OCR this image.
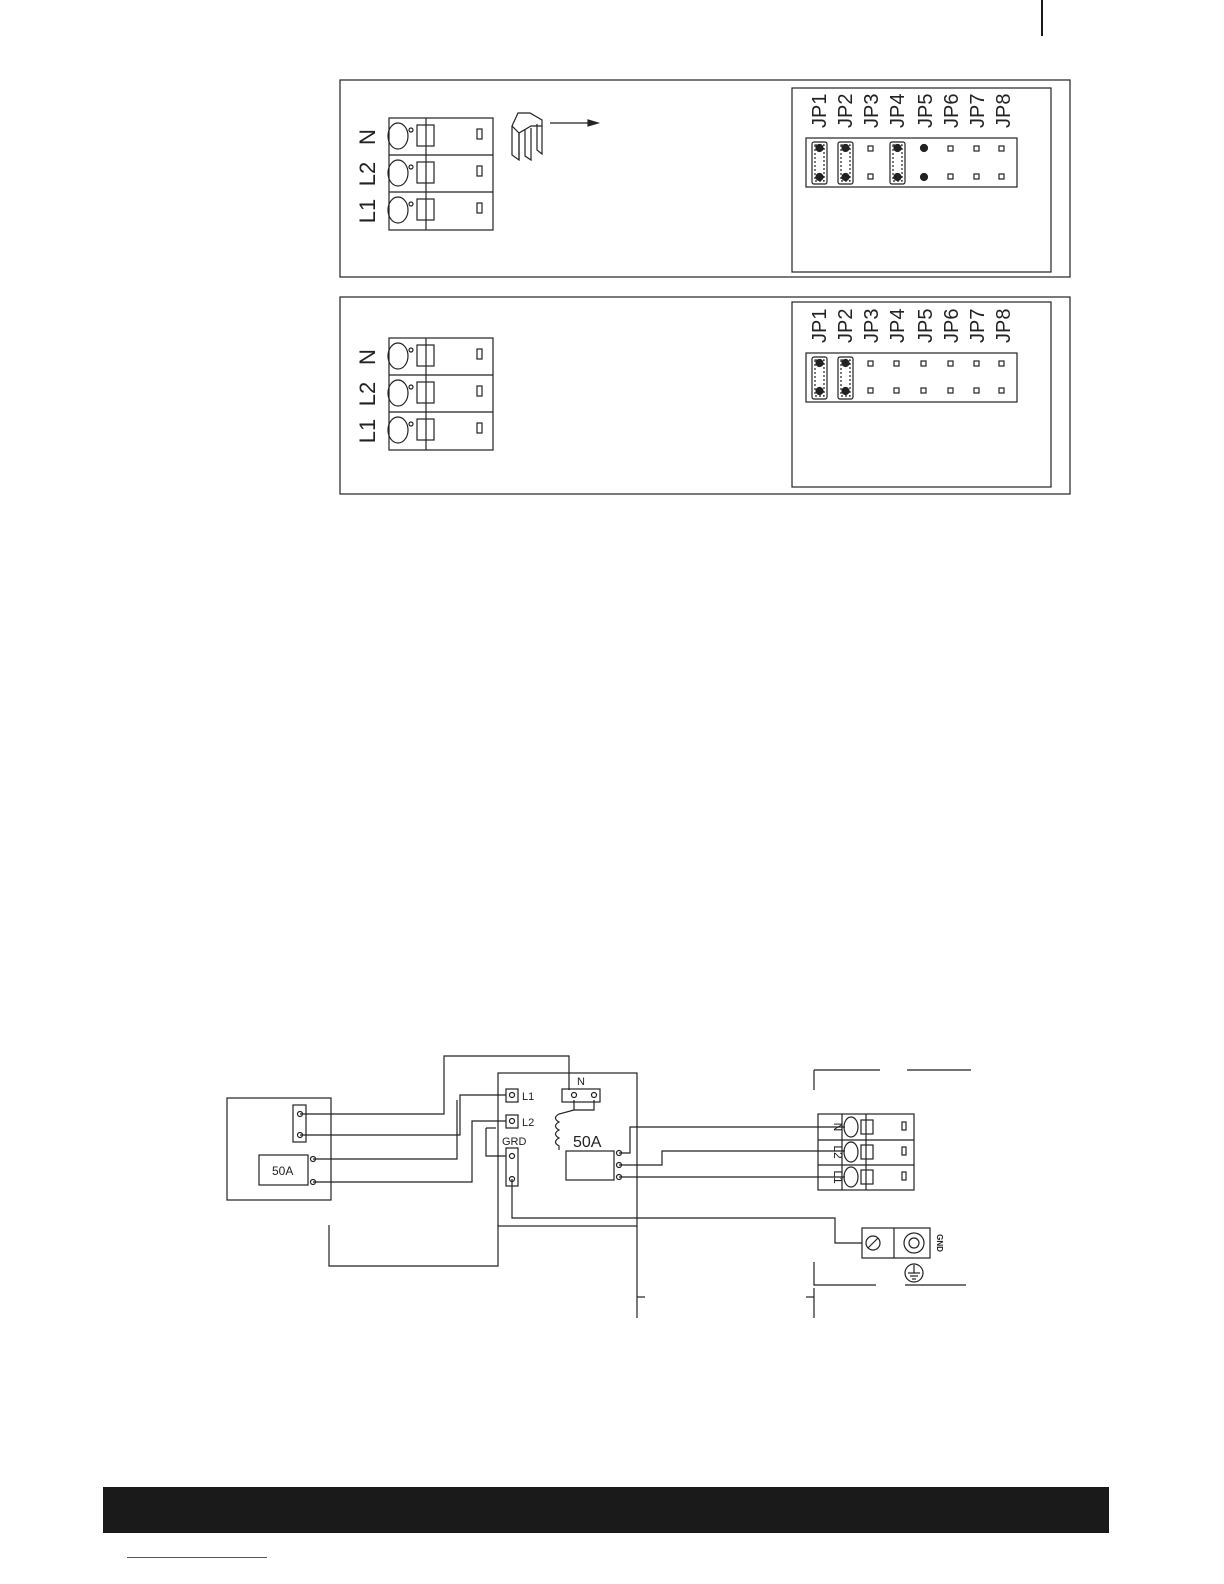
N
L2
L1
JP1 JP2 JP3 JP4 JP5 JP6 JP7 JP8
N
L2
L1
JP1 JP2 JP3 JP4 JP5 JP6 JP7 JP8
50A
L1
L2
N
GRD	50A
N
L2
L1
GND
